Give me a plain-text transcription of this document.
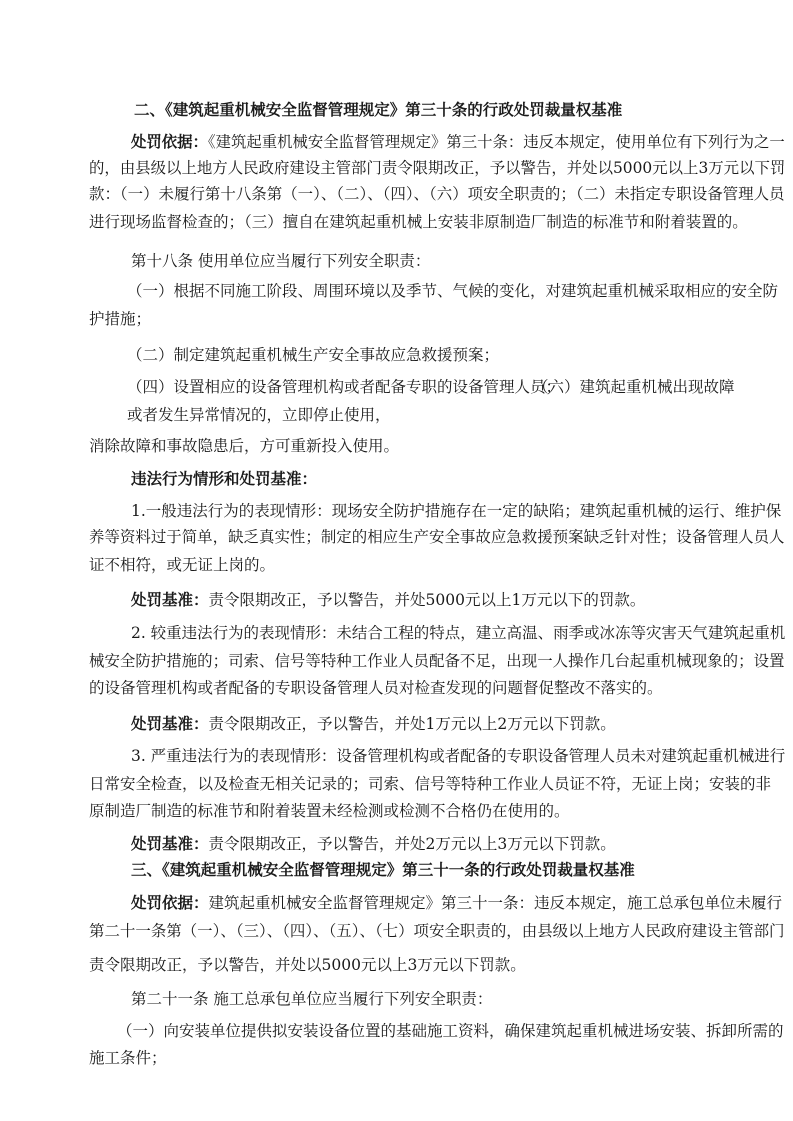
二、《建筑起重机械安全监督管理规定》第三十条的行政处罚裁量权基准
处罚依据：《建筑起重机械安全监督管理规定》第三十条：违反本规定，使用单位有下列行为之一
的，由县级以上地方人民政府建设主管部门责令限期改正，予以警告，并处以5000元以上3万元以下罚
款：（一）未履行第十八条第（一）、（二）、（四）、（六）项安全职责的；（二）未指定专职设备管理人员
进行现场监督检查的；（三）擅自在建筑起重机械上安装非原制造厂制造的标准节和附着装置的。
第十八条 使用单位应当履行下列安全职责：
（一）根据不同施工阶段、周围环境以及季节、气候的变化，对建筑起重机械采取相应的安全防
护措施；
（二）制定建筑起重机械生产安全事故应急救援预案；
（四）设置相应的设备管理机构或者配备专职的设备管理人员；
（六）建筑起重机械出现故障
或者发生异常情况的，立即停止使用，
消除故障和事故隐患后，方可重新投入使用。
违法行为情形和处罚基准：
1.一般违法行为的表现情形：现场安全防护措施存在一定的缺陷；建筑起重机械的运行、维护保
养等资料过于简单，缺乏真实性；制定的相应生产安全事故应急救援预案缺乏针对性；设备管理人员人
证不相符，或无证上岗的。
处罚基准：责令限期改正，予以警告，并处5000元以上1万元以下的罚款。
2. 较重违法行为的表现情形：未结合工程的特点，建立高温、雨季或冰冻等灾害天气建筑起重机
械安全防护措施的；司索、信号等特种工作业人员配备不足，出现一人操作几台起重机械现象的；设置
的设备管理机构或者配备的专职设备管理人员对检查发现的问题督促整改不落实的。
处罚基准：责令限期改正，予以警告，并处1万元以上2万元以下罚款。
3. 严重违法行为的表现情形：设备管理机构或者配备的专职设备管理人员未对建筑起重机械进行
日常安全检查，以及检查无相关记录的；司索、信号等特种工作业人员证不符，无证上岗；安装的非
原制造厂制造的标准节和附着装置未经检测或检测不合格仍在使用的。
处罚基准：责令限期改正，予以警告，并处2万元以上3万元以下罚款。
三、《建筑起重机械安全监督管理规定》第三十一条的行政处罚裁量权基准
处罚依据：建筑起重机械安全监督管理规定》第三十一条：违反本规定，施工总承包单位未履行
第二十一条第（一）、（三）、（四）、（五）、（七）项安全职责的，由县级以上地方人民政府建设主管部门
责令限期改正，予以警告，并处以5000元以上3万元以下罚款。
第二十一条 施工总承包单位应当履行下列安全职责：
（一）向安装单位提供拟安装设备位置的基础施工资料，确保建筑起重机械进场安装、拆卸所需的
施工条件；
